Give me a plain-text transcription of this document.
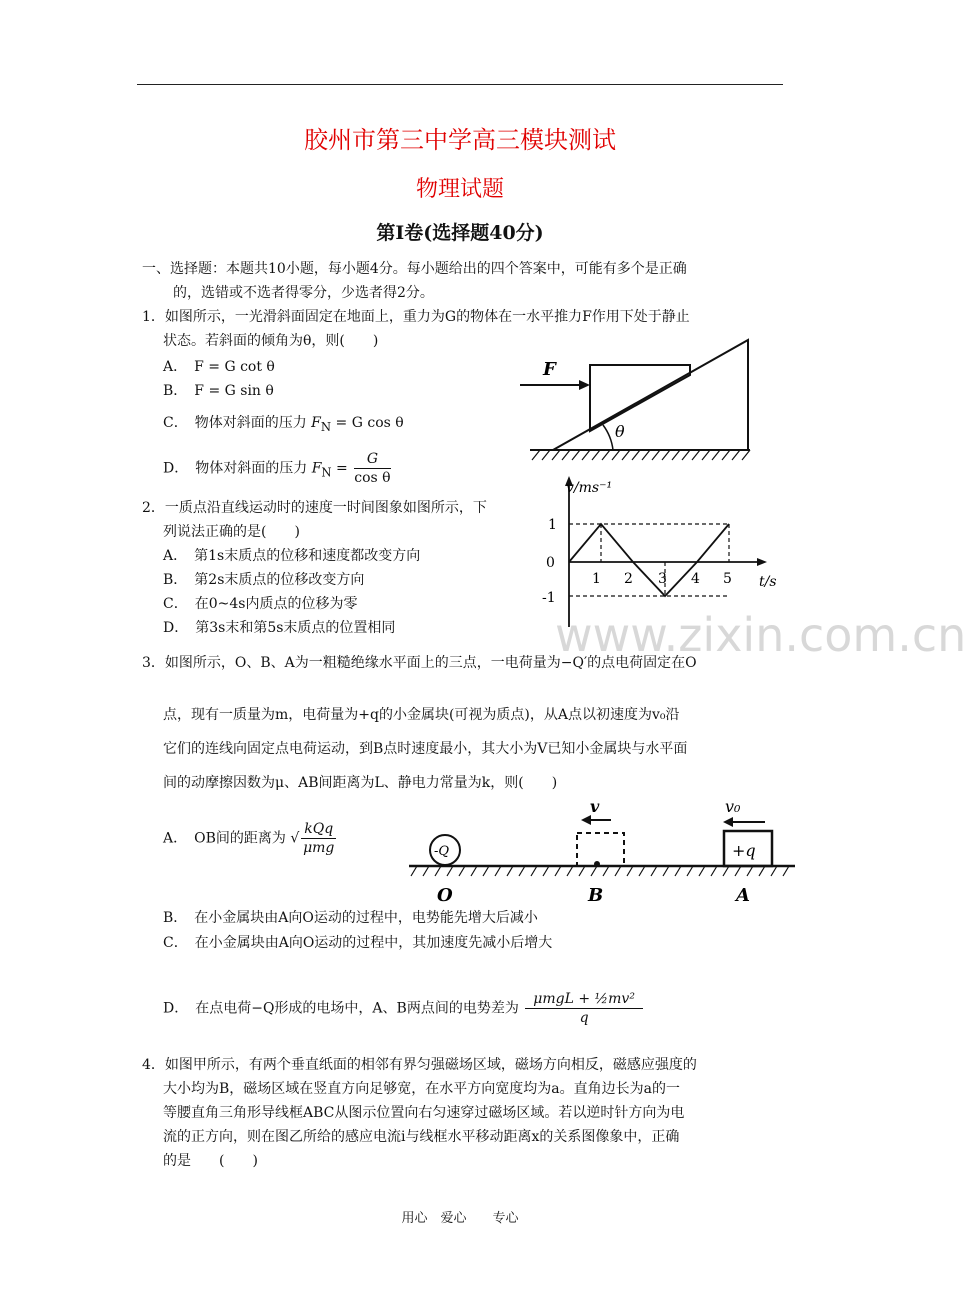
胶州市第三中学高三模块测试
物理试题
第Ⅰ卷(选择题40分)
一、选择题：本题共10小题，每小题4分。每小题给出的四个答案中，可能有多个是正确
的，选错或不选者得零分，少选者得2分。
1．如图所示，一光滑斜面固定在地面上，重力为G的物体在一水平推力F作用下处于静止
状态。若斜面的倾角为θ，则(　　)
A．　F = G cot θ
B．　F = G sin θ
C．　物体对斜面的压力 $F_N = G$ cos θ
D．　物体对斜面的压力 $F_N = \frac{G}{\text{cos θ}}$
F
θ
2．一质点沿直线运动时的速度一时间图象如图所示，下
列说法正确的是(　　)
A．　第1s末质点的位移和速度都改变方向
B．　第2s末质点的位移改变方向
C．　在0~4s内质点的位移为零
D．　第3s末和第5s末质点的位置相同
v/ms⁻¹
t/s
1
0
-1
1 2 3 4 5
www.zixin.com.cn
3．如图所示，O、B、A为一粗糙绝缘水平面上的三点，一电荷量为−Q′的点电荷固定在O
点，现有一质量为m，电荷量为+q的小金属块(可视为质点)，从A点以初速度为v₀沿
它们的连线向固定点电荷运动，到B点时速度最小，其大小为V已知小金属块与水平面
间的动摩擦因数为μ、AB间距离为L、静电力常量为k，则(　　)
A．　OB间的距离为 √ $\frac{\text{kQq}}{\text{μmg}}$	-Q
v
+q
v₀
O	B	A
B．　在小金属块由A向O运动的过程中，电势能先增大后减小
C．　在小金属块由A向O运动的过程中，其加速度先减小后增大
D．　在点电荷−Q形成的电场中，A、B两点间的电势差为 $\frac{\text{μmgL + ½mv²}}{q}$
4．如图甲所示，有两个垂直纸面的相邻有界匀强磁场区域，磁场方向相反，磁感应强度的
大小均为B，磁场区域在竖直方向足够宽，在水平方向宽度均为a。直角边长为a的一
等腰直角三角形导线框ABC从图示位置向右匀速穿过磁场区域。若以逆时针方向为电
流的正方向，则在图乙所给的感应电流i与线框水平移动距离x的关系图像象中，正确
的是　　(　　)
用心　爱心　　专心
